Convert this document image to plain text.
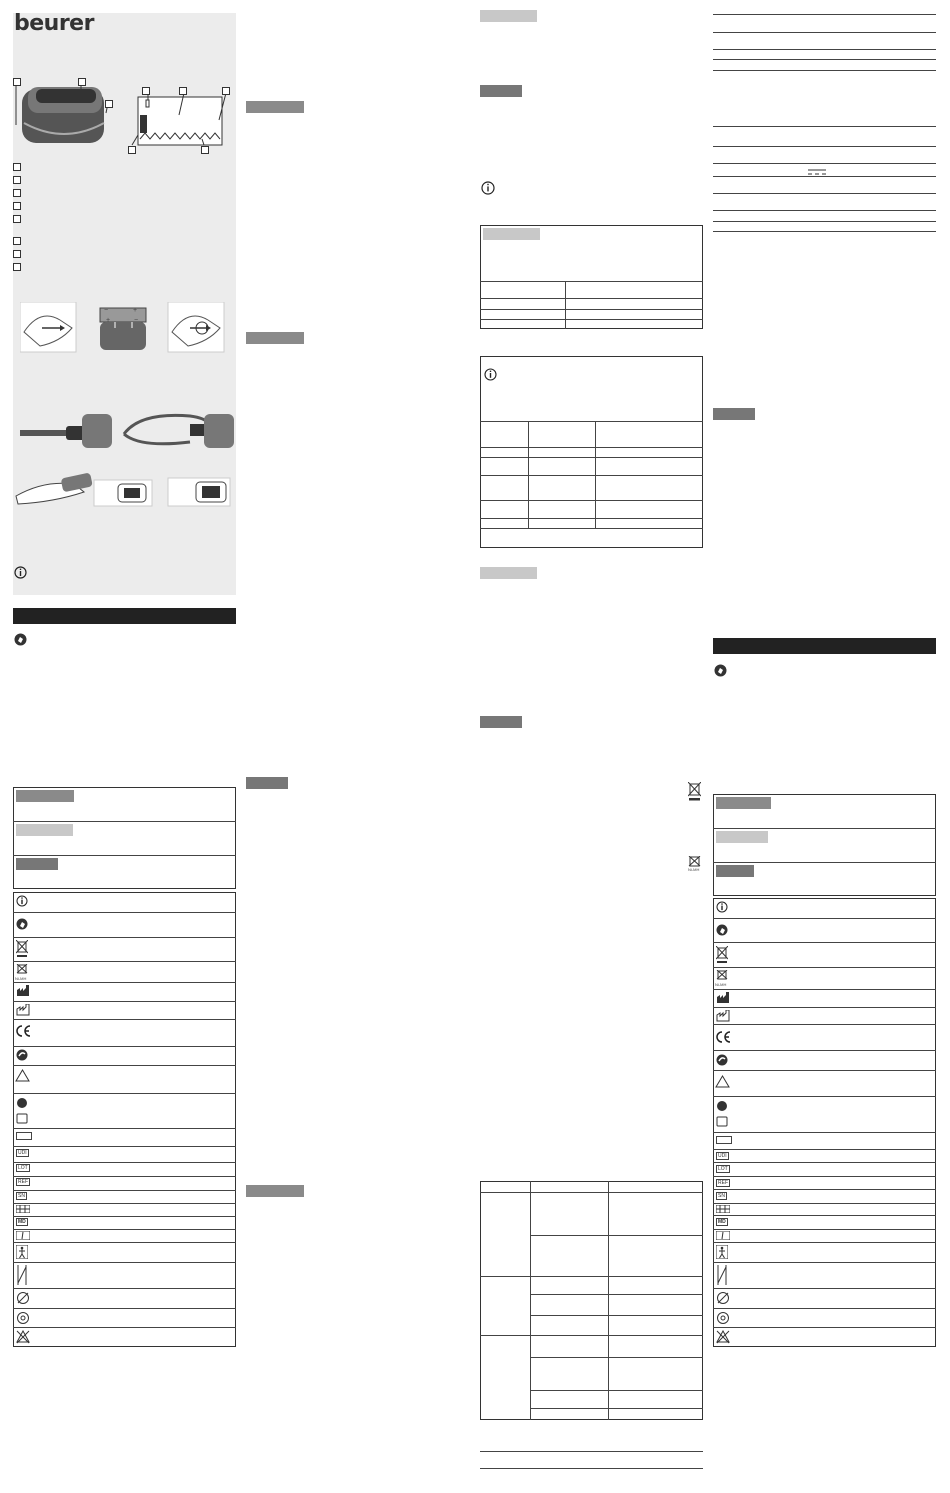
beurer
−	+
+	−
Ni-MH
UDI
LOT
REF
SN
MD
Ni-MH
Ni-MH
UDI
LOT
REF
SN
MD
